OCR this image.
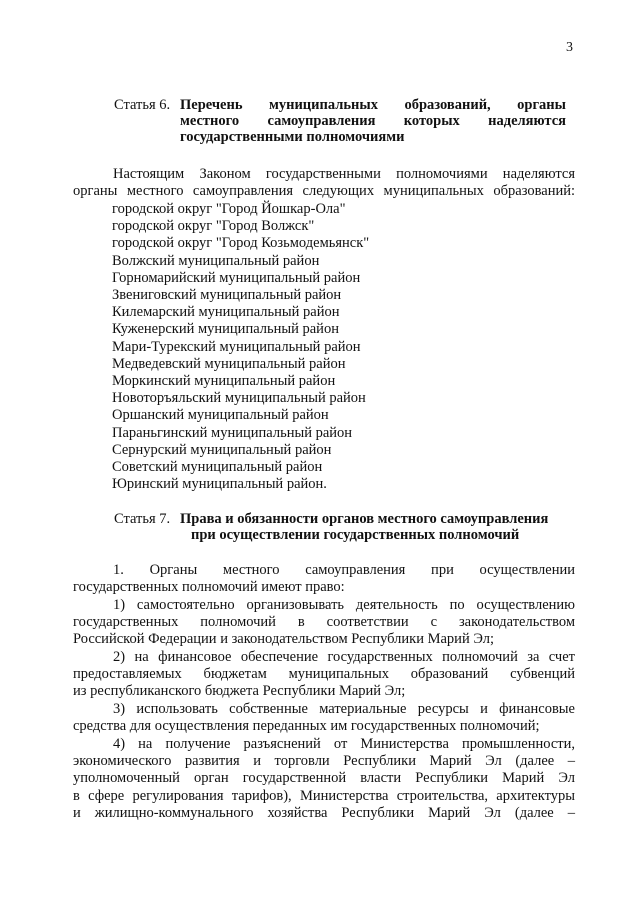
3
Статья 6. Перечень муниципальных образований, органы
местного самоуправления которых наделяются
государственными полномочиями
Настоящим Законом государственными полномочиями наделяются
органы местного самоуправления следующих муниципальных образований:
городской округ "Город Йошкар-Ола"
городской округ "Город Волжск"
городской округ "Город Козьмодемьянск"
Волжский муниципальный район
Горномарийский муниципальный район
Звениговский муниципальный район
Килемарский муниципальный район
Куженерский муниципальный район
Мари-Турекский муниципальный район
Медведевский муниципальный район
Моркинский муниципальный район
Новоторъяльский муниципальный район
Оршанский муниципальный район
Параньгинский муниципальный район
Сернурский муниципальный район
Советский муниципальный район
Юринский муниципальный район.
Статья 7. Права и обязанности органов местного самоуправления
при осуществлении государственных полномочий
1. Органы местного самоуправления при осуществлении
государственных полномочий имеют право:
1) самостоятельно организовывать деятельность по осуществлению
государственных полномочий в соответствии с законодательством
Российской Федерации и законодательством Республики Марий Эл;
2) на финансовое обеспечение государственных полномочий за счет
предоставляемых бюджетам муниципальных образований субвенций
из республиканского бюджета Республики Марий Эл;
3) использовать собственные материальные ресурсы и финансовые
средства для осуществления переданных им государственных полномочий;
4) на получение разъяснений от Министерства промышленности,
экономического развития и торговли Республики Марий Эл (далее –
уполномоченный орган государственной власти Республики Марий Эл
в сфере регулирования тарифов), Министерства строительства, архитектуры
и жилищно-коммунального хозяйства Республики Марий Эл (далее –
